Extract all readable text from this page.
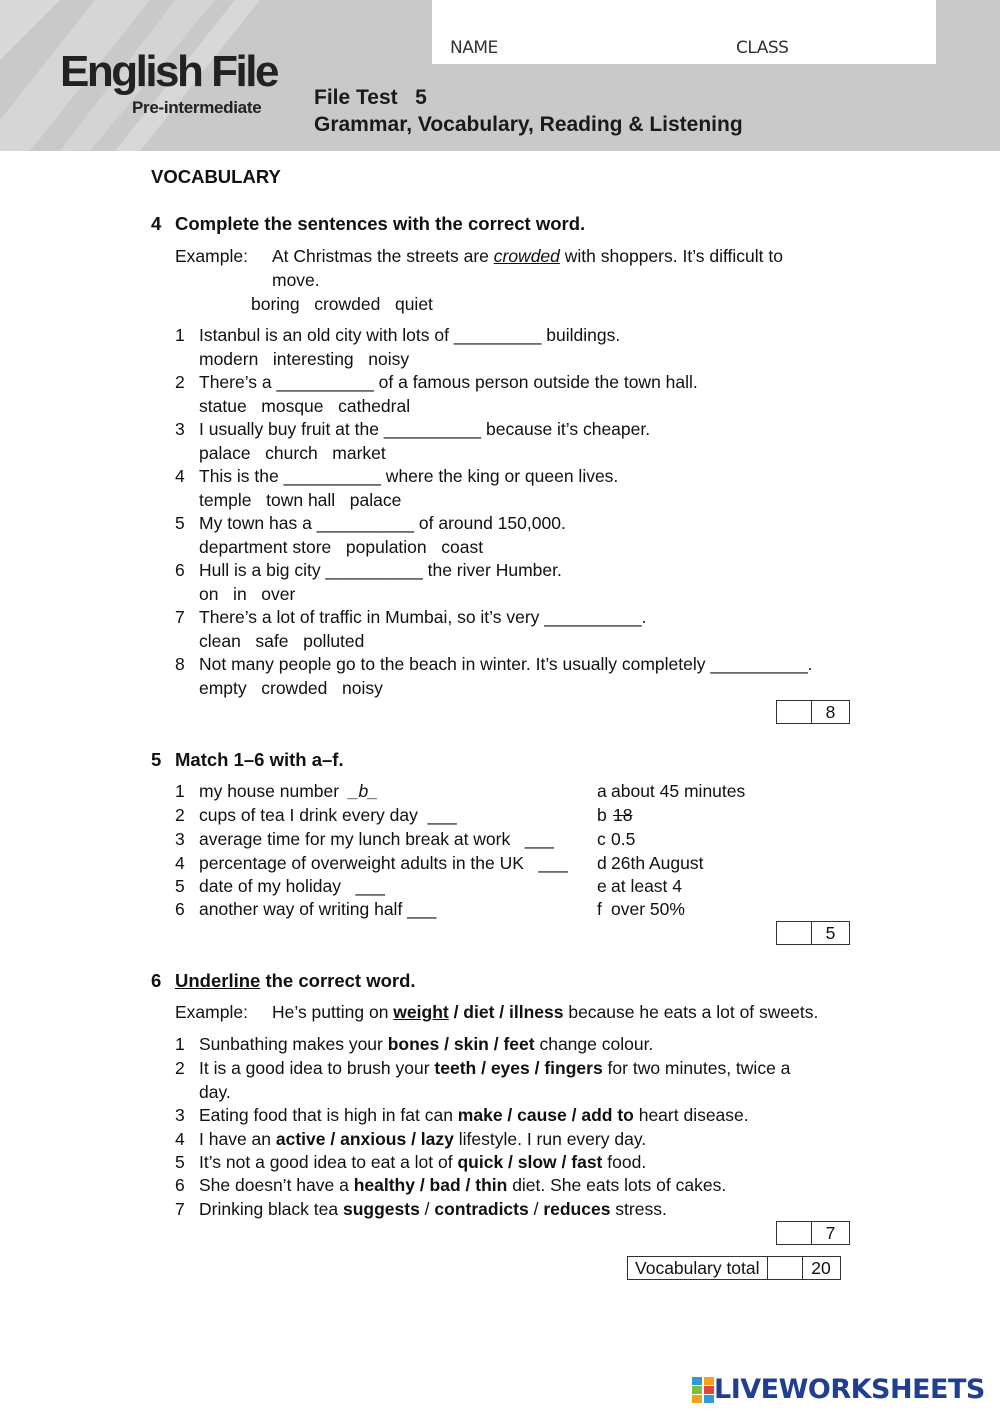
English File
Pre-intermediate
NAME	CLASS
File Test   5
Grammar, Vocabulary, Reading & Listening
VOCABULARY
4 Complete the sentences with the correct word.
Example: At Christmas the streets are crowded with shoppers. It’s difficult to
move.
boring   crowded   quiet
1 Istanbul is an old city with lots of _________ buildings.
modern   interesting   noisy
2 There’s a __________ of a famous person outside the town hall.
statue   mosque   cathedral
3 I usually buy fruit at the __________ because it’s cheaper.
palace   church   market
4 This is the __________ where the king or queen lives.
temple   town hall   palace
5 My town has a __________ of around 150,000.
department store   population   coast
6 Hull is a big city __________ the river Humber.
on   in   over
7 There’s a lot of traffic in Mumbai, so it’s very __________.
clean   safe   polluted
8 Not many people go to the beach in winter. It’s usually completely __________.
empty   crowded   noisy
8
5 Match 1–6 with a–f.
1 my house number  _b_
2 cups of tea I drink every day  ___
3 average time for my lunch break at work   ___
4 percentage of overweight adults in the UK   ___
5 date of my holiday   ___
6 another way of writing half ___
a about 45 minutes
b 18
c 0.5
d 26th August
e at least 4
f over 50%
5
6 Underline the correct word.
Example: He’s putting on weight / diet / illness because he eats a lot of sweets.
1 Sunbathing makes your bones / skin / feet change colour.
2 It is a good idea to brush your teeth / eyes / fingers for two minutes, twice a
day.
3 Eating food that is high in fat can make / cause / add to heart disease.
4 I have an active / anxious / lazy lifestyle. I run every day.
5 It’s not a good idea to eat a lot of quick / slow / fast food.
6 She doesn’t have a healthy / bad / thin diet. She eats lots of cakes.
7 Drinking black tea suggests / contradicts / reduces stress.
7
Vocabulary total	20
LIVEWORKSHEETS
